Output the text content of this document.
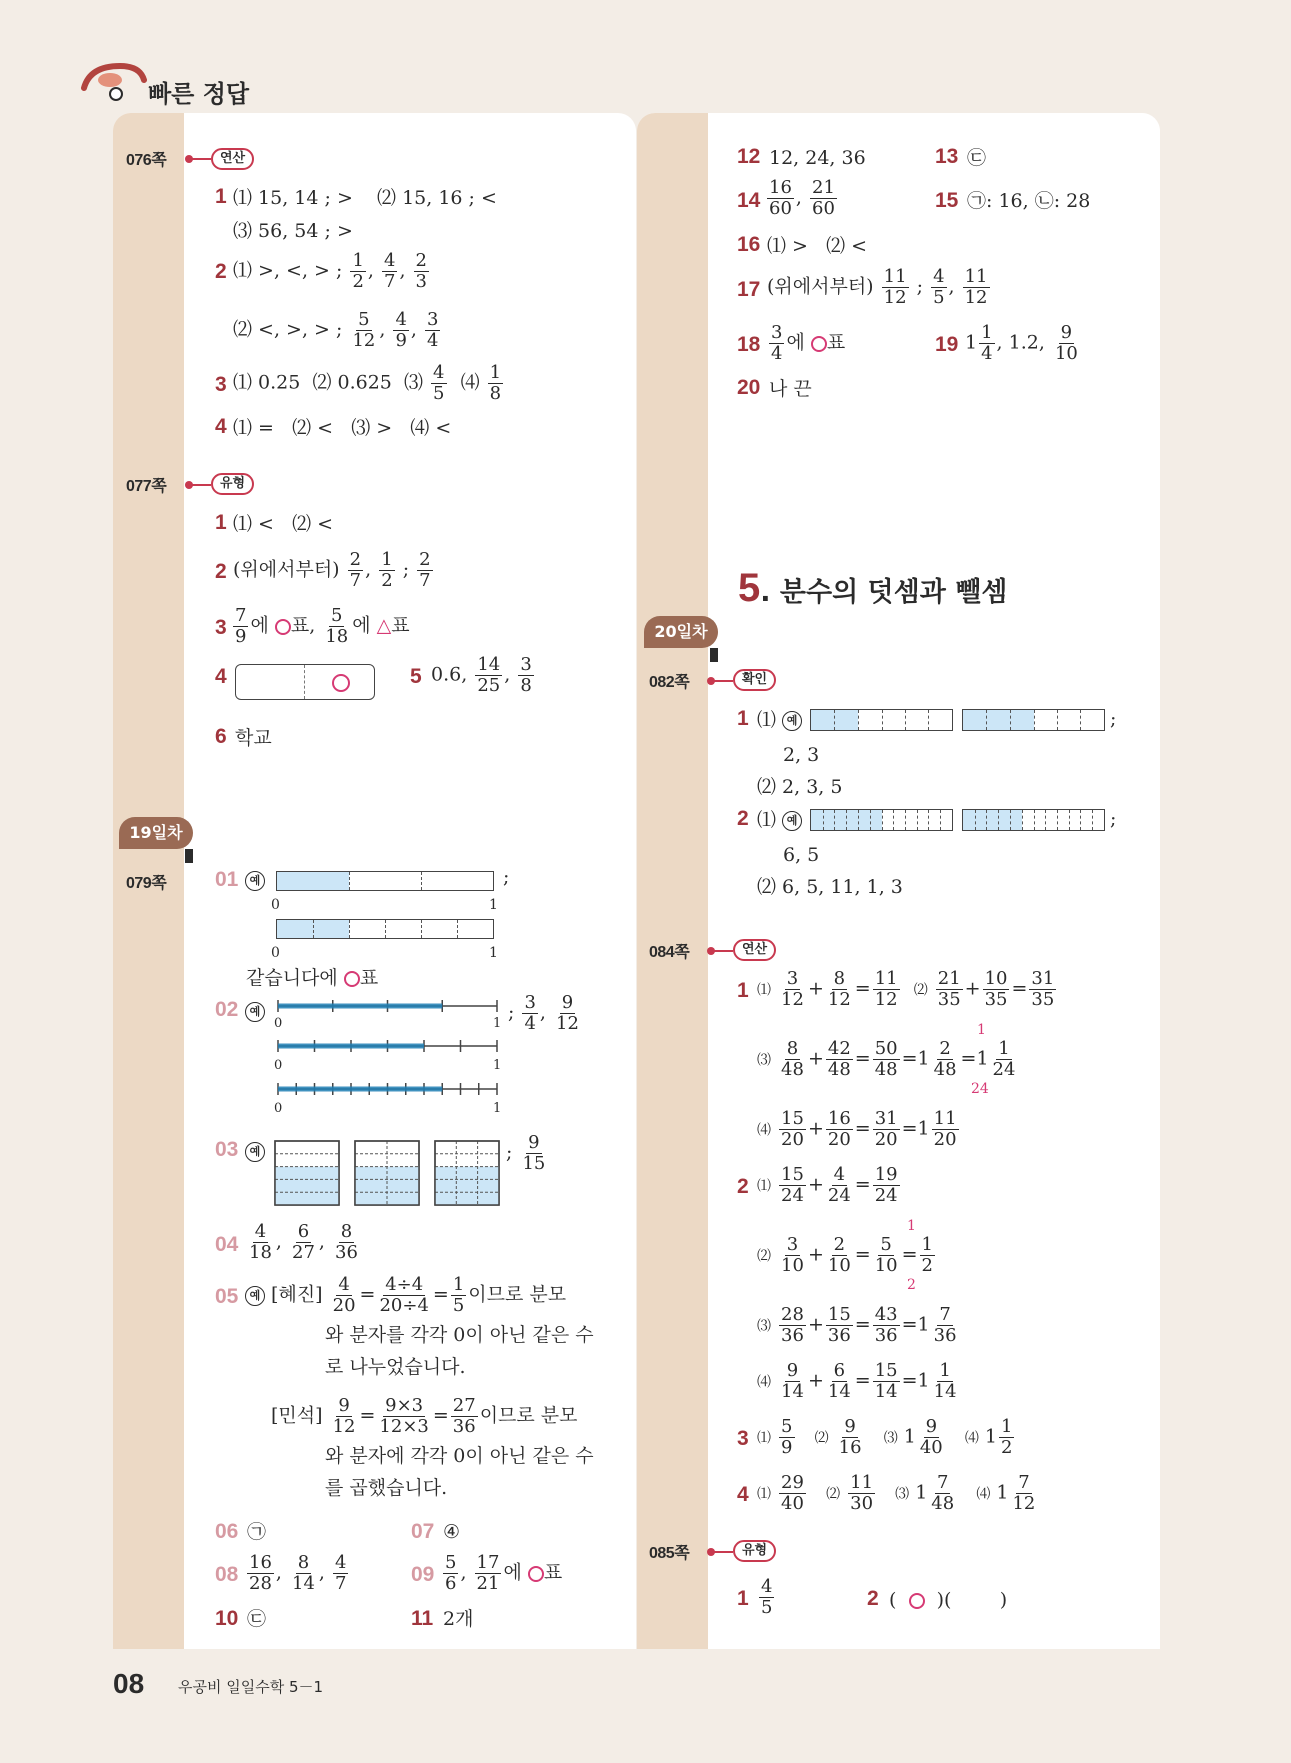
빠른 정답
076쪽	연산
1 ⑴ 15, 14 ; > ⑵ 15, 16 ; <
⑶ 56, 54 ; >
2 ⑴ >, <, > ; $\frac{1}{2}$ , $\frac{4}{7}$ , $\frac{2}{3}$
⑵ <, >, > ; $\frac{5}{12}$ , $\frac{4}{9}$ , $\frac{3}{4}$
3 ⑴ 0.25 ⑵ 0.625 ⑶ $\frac{4}{5}$ ⑷ $\frac{1}{8}$
4 ⑴ = ⑵ < ⑶ > ⑷ <
077쪽	유형
1 ⑴ < ⑵ <
2 (위에서부터) $\frac{2}{7}$ , $\frac{1}{2}$ ; $\frac{2}{7}$
$3 \frac{7}{9}$ 에 ○표, $\frac{5}{18}$ 에 △표
4	5 0.6, $\frac{14}{25}$ , $\frac{3}{8}$
6 학교
079쪽 01	예	;
0	1
0	1
같습니다에 ○표
02	예
0	1
0	1
0	1
; $\frac{3}{4}$ , $\frac{9}{12}$
03	예	; $\frac{9}{15}$
$04 \frac{4}{18}$ , $\frac{6}{27}$ , $\frac{8}{36}$
05	예 [혜진] $\frac{4}{20} = \frac{4\div 4}{20\div 4} = \frac{1}{5}$ 이므로 분모
와 분자를 각각 0이 아닌 같은 수
로 나누었습니다.
[민석] $\frac{9}{12} = \frac{9\times 3}{12\times 3} = \frac{27}{36}$ 이므로 분모
와 분자에 각각 0이 아닌 같은 수
를 곱했습니다.
06 ㉠	07 ④
$08 \frac{16}{28}$ , $\frac{8}{14}$ , $\frac{4}{7}$	$09 \frac{5}{6}$ , $\frac{17}{21}$ 에 ○표
10 ㉢	11 2개
19일차
12 12, 24, 36	13 ㉢
$14 \frac{16}{60}$ , $\frac{21}{60}$	15 ㉠: 16, ㉡: 28
16 ⑴ > ⑵ <
17 (위에서부터) $\frac{11}{12}$ ; $\frac{4}{5}$ , $\frac{11}{12}$
$18 \frac{3}{4}$ 에 ○표	19 $1 \frac{1}{4}$ , 1.2, $\frac{9}{10}$
20 나 끈
082쪽	확인
1 ⑴ 예	;
2, 3
⑵ 2, 3, 5
2 ⑴ 예	;
6, 5
⑵ 6, 5, 11, 1, 3
084쪽	연산
1 ⑴ $\frac{3}{12} + \frac{8}{12} = \frac{11}{12}$ ⑵ $\frac{21}{35} + \frac{10}{35} = \frac{31}{35}$
⑶ $\frac{8}{48} + \frac{42}{48} = \frac{50}{48} =1 \frac{2}{48} =1 \frac{1}{24}$
1
24
⑷ $\frac{15}{20} + \frac{16}{20} = \frac{31}{20} =1 \frac{11}{20}$
2 ⑴ $\frac{15}{24} + \frac{4}{24} = \frac{19}{24}$
⑵ $\frac{3}{10} + \frac{2}{10} = \frac{5}{10} = \frac{1}{2}$
1
2
⑶ $\frac{28}{36} + \frac{15}{36} = \frac{43}{36} =1 \frac{7}{36}$
⑷ $\frac{9}{14} + \frac{6}{14} = \frac{15}{14} =1 \frac{1}{14}$
3 ⑴ $\frac{5}{9}$ ⑵ $\frac{9}{16}$ ⑶ $1 \frac{9}{40}$ ⑷ $1 \frac{1}{2}$
4 ⑴ $\frac{29}{40}$ ⑵ $\frac{11}{30}$ ⑶ $1 \frac{7}{48}$ ⑷ $1 \frac{7}{12}$
085쪽	유형
$1 \frac{4}{5}$	2 ( ○ )(	)
5. 분수의 덧셈과 뺄셈
20일차
08 우공비 일일수학 5－1
